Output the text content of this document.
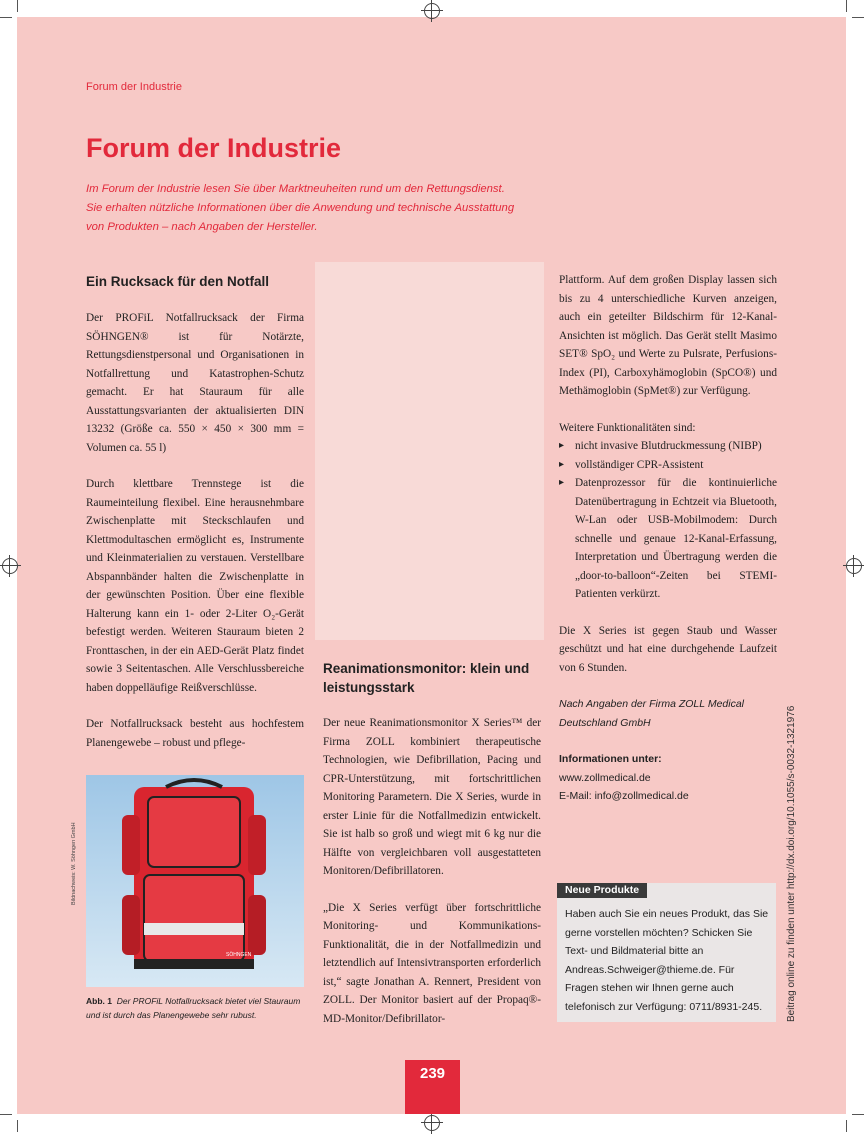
Forum der Industrie
Forum der Industrie
Im Forum der Industrie lesen Sie über Marktneuheiten rund um den Rettungsdienst.
Sie erhalten nützliche Informationen über die Anwendung und technische Ausstattung
von Produkten – nach Angaben der Hersteller.
Ein Rucksack für den Notfall

Der PROFiL Notfallrucksack der Firma SÖHNGEN® ist für Notärzte, Rettungsdienstpersonal und Organisationen in Notfallrettung und Katastrophen-Schutz gemacht. Er hat Stauraum für alle Ausstattungsvarianten der aktualisierten DIN 13232 (Größe ca. 550 × 450 × 300 mm = Volumen ca. 55 l)

Durch klettbare Trennstege ist die Raumeinteilung flexibel. Eine herausnehmbare Zwischenplatte mit Steckschlaufen und Klettmodultaschen ermöglicht es, Instrumente und Kleinmaterialien zu verstauen. Verstellbare Abspannbänder halten die Zwischenplatte in der gewünschten Position. Über eine flexible Halterung kann ein 1- oder 2-Liter O₂-Gerät befestigt werden. Weiteren Stauraum bieten 2 Fronttaschen, in der ein AED-Gerät Platz findet sowie 3 Seitentaschen. Alle Verschlussbereiche haben doppelläufige Reißverschlüsse.

Der Notfallrucksack besteht aus hochfestem Planengewebe – robust und pflege-

SÖHNGEN
Bildnachweis: W. Söhngen GmbH
Abb. 1 Der PROFiL Notfallrucksack bietet viel Stauraum und ist durch das Planengewebe sehr rubust.
Reanimationsmonitor: klein und leistungsstark

Der neue Reanimationsmonitor X Series™ der Firma ZOLL kombiniert therapeutische Technologien, wie Defibrillation, Pacing und CPR-Unterstützung, mit fortschrittlichen Monitoring Parametern. Die X Series, wurde in erster Linie für die Notfallmedizin entwickelt. Sie ist halb so groß und wiegt mit 6 kg nur die Hälfte von vergleichbaren voll ausgestatteten Monitoren/Defibrillatoren.

„Die X Series verfügt über fortschrittliche Monitoring- und Kommunikations-Funktionalität, die in der Notfallmedizin und letztendlich auf Intensivtransporten erforderlich ist,“ sagte Jonathan A. Rennert, President von ZOLL. Der Monitor basiert auf der Propaq®-MD-Monitor/Defibrillator-

Plattform. Auf dem großen Display lassen sich bis zu 4 unterschiedliche Kurven anzeigen, auch ein geteilter Bildschirm für 12-Kanal-Ansichten ist möglich. Das Gerät stellt Masimo SET® SpO₂ und Werte zu Pulsrate, Perfusions-Index (PI), Carboxyhämoglobin (SpCO®) und Methämoglobin (SpMet®) zur Verfügung.

Weitere Funktionalitäten sind:
▸ nicht invasive Blutdruckmessung (NIBP)
▸ vollständiger CPR-Assistent
▸ Datenprozessor für die kontinuierliche Datenübertragung in Echtzeit via Bluetooth, W-Lan oder USB-Mobilmodem: Durch schnelle und genaue 12-Kanal-Erfassung, Interpretation und Übertragung werden die „door-to-balloon“-Zeiten bei STEMI-Patienten verkürzt.

Die X Series ist gegen Staub und Wasser geschützt und hat eine durchgehende Laufzeit von 6 Stunden.

Nach Angaben der Firma ZOLL Medical Deutschland GmbH

Informationen unter:
www.zollmedical.de
E-Mail: info@zollmedical.de
Neue Produkte
Haben auch Sie ein neues Produkt, das Sie gerne vorstellen möchten? Schicken Sie Text- und Bildmaterial bitte an Andreas.Schweiger@thieme.de. Für Fragen stehen wir Ihnen gerne auch telefonisch zur Verfügung: 0711/8931-245.	Beitrag online zu finden unter http://dx.doi.org/10.1055/s-0032-1321976
239
